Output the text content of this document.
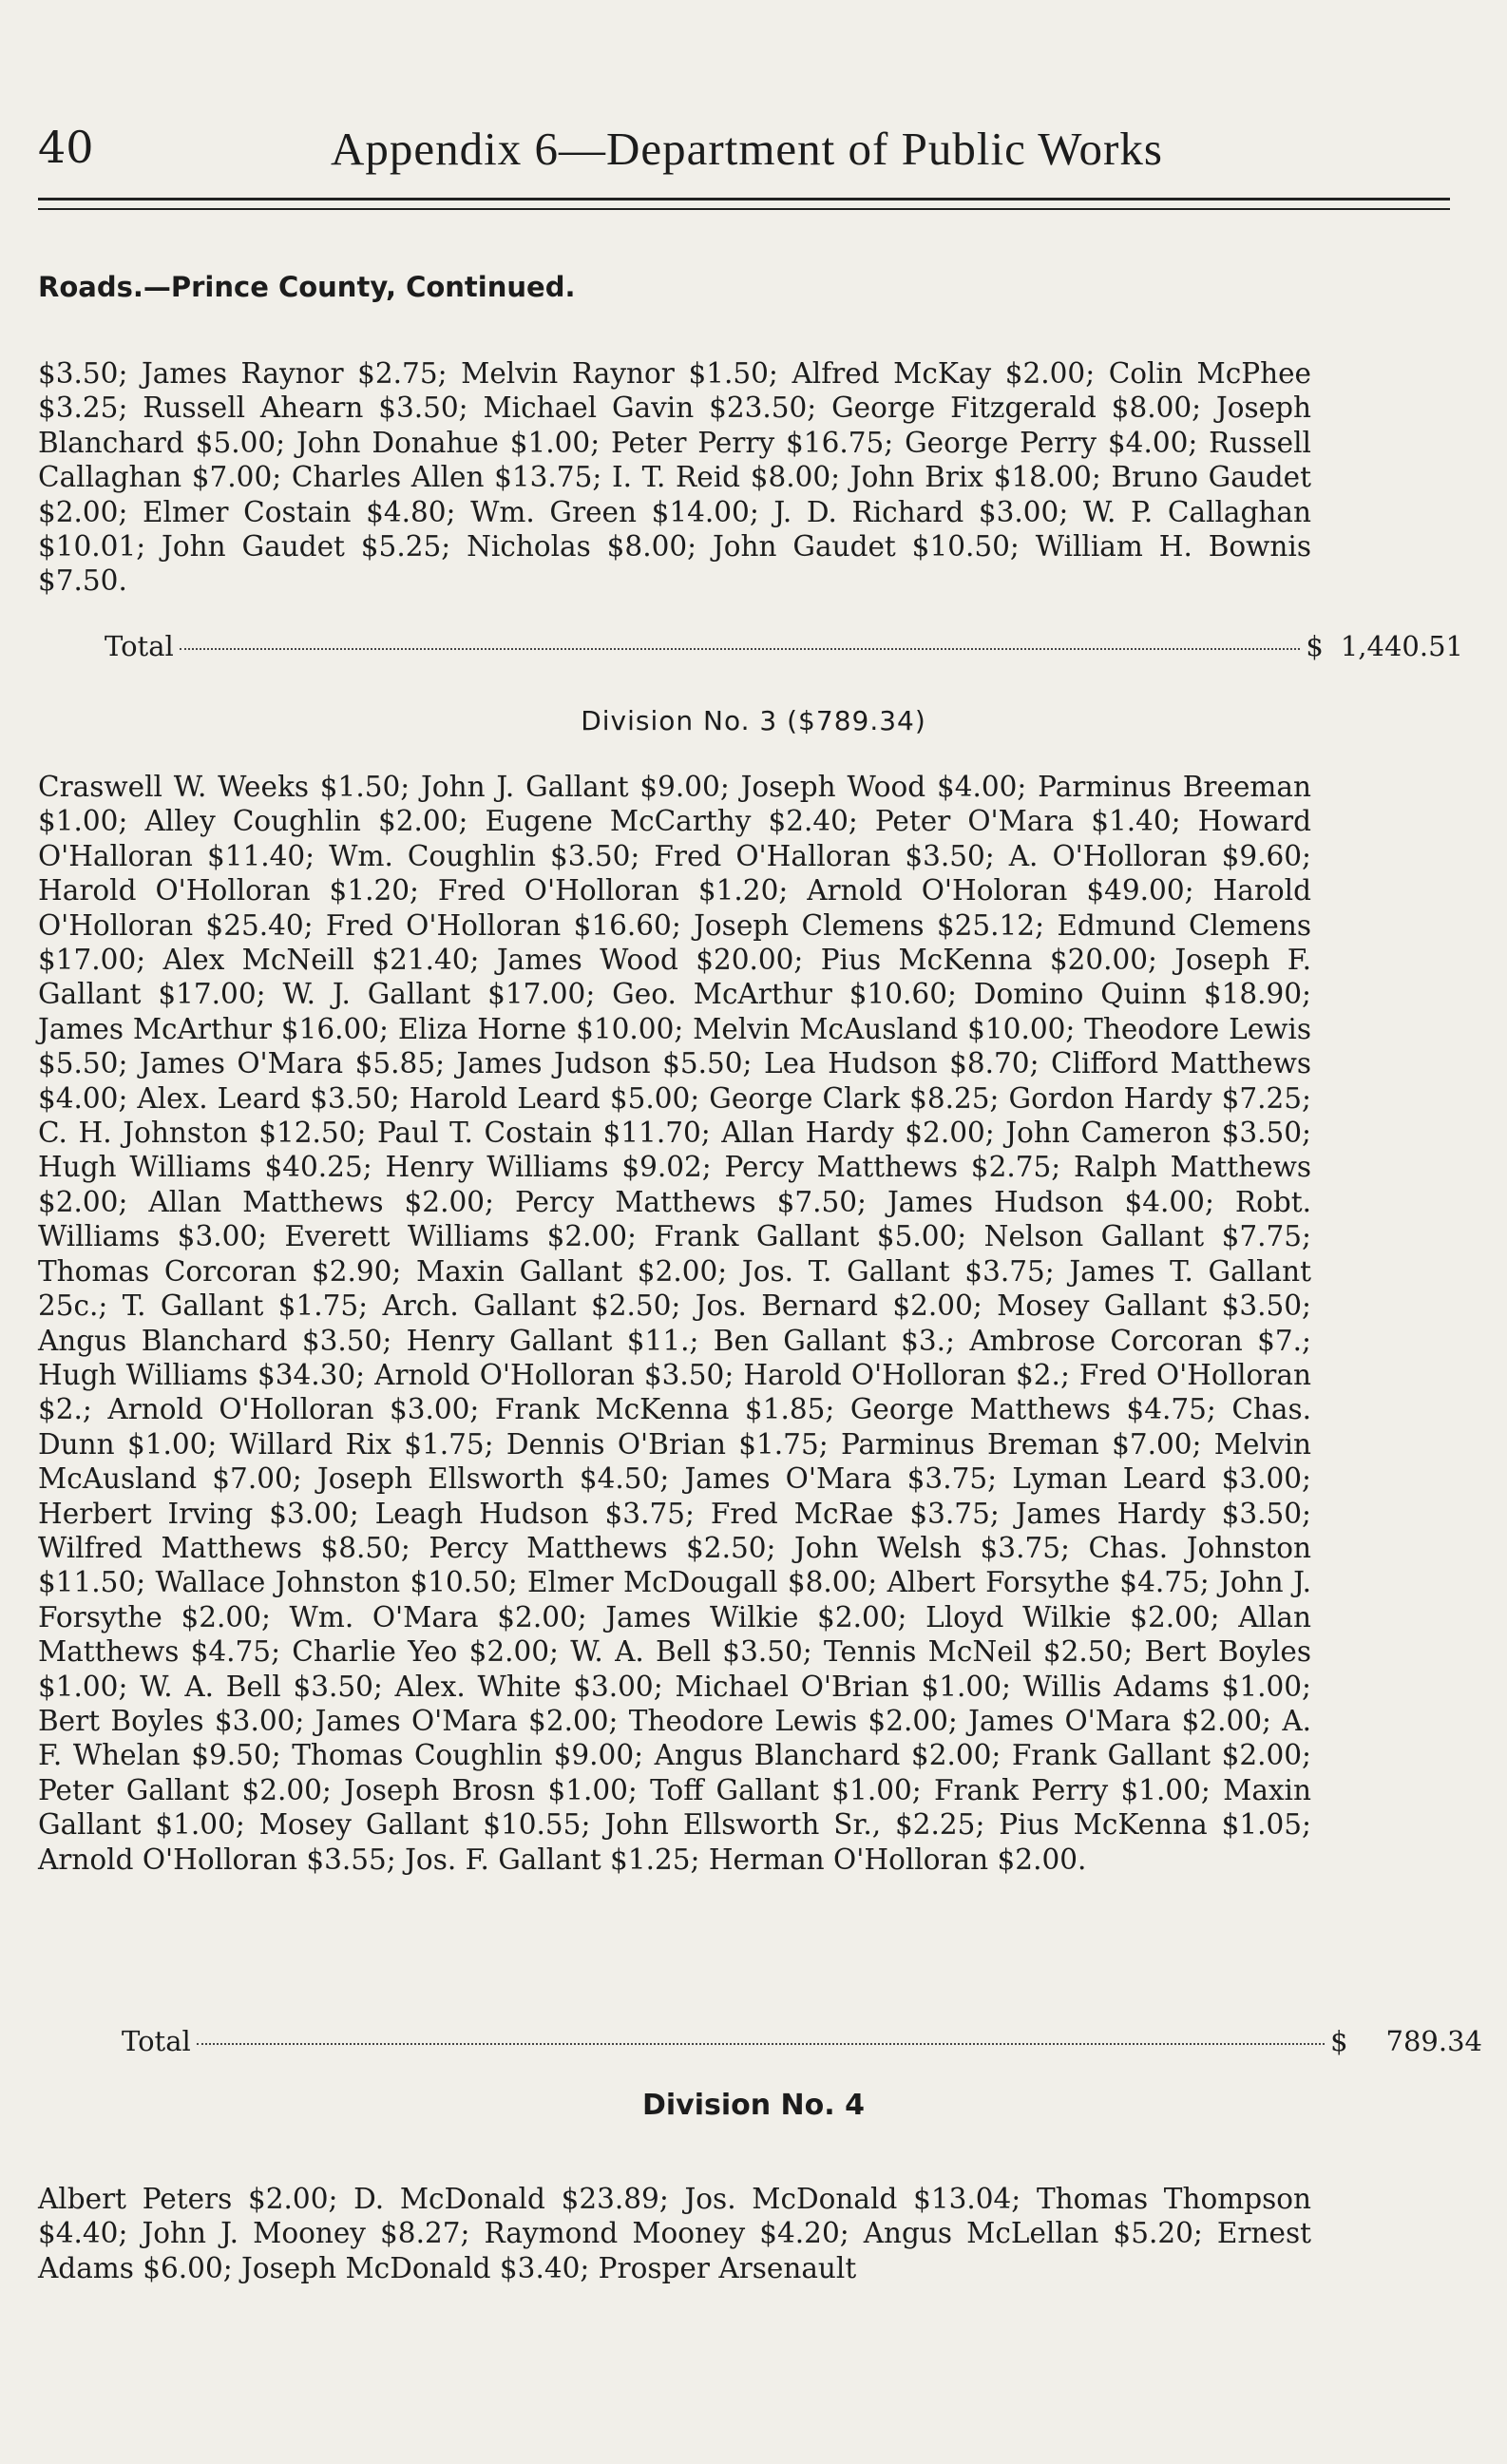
40	Appendix 6—Department of Public Works
Roads.—Prince County, Continued.
$3.50; James Raynor $2.75; Melvin Raynor $1.50; Alfred McKay $2.00; Colin McPhee $3.25; Russell Ahearn $3.50; Michael Gavin $23.50; George Fitzgerald $8.00; Joseph Blanchard $5.00; John Donahue $1.00; Peter Perry $16.75; George Perry $4.00; Russell Callaghan $7.00; Charles Allen $13.75; I. T. Reid $8.00; John Brix $18.00; Bruno Gaudet $2.00; Elmer Costain $4.80; Wm. Green $14.00; J. D. Richard $3.00; W. P. Callaghan $10.01; John Gaudet $5.25; Nicholas $8.00; John Gaudet $10.50; William H. Bownis $7.50.
Total	$ 1,440.51
Division No. 3 ($789.34)
Craswell W. Weeks $1.50; John J. Gallant $9.00; Joseph Wood $4.00; Parminus Breeman $1.00; Alley Coughlin $2.00; Eugene McCarthy $2.40; Peter O'Mara $1.40; Howard O'Halloran $11.40; Wm. Coughlin $3.50; Fred O'Halloran $3.50; A. O'Holloran $9.60; Harold O'Holloran $1.20; Fred O'Holloran $1.20; Arnold O'Holoran $49.00; Harold O'Holloran $25.40; Fred O'Holloran $16.60; Joseph Clemens $25.12; Edmund Clemens $17.00; Alex McNeill $21.40; James Wood $20.00; Pius McKenna $20.00; Joseph F. Gallant $17.00; W. J. Gallant $17.00; Geo. McArthur $10.60; Domino Quinn $18.90; James McArthur $16.00; Eliza Horne $10.00; Melvin McAusland $10.00; Theodore Lewis $5.50; James O'Mara $5.85; James Judson $5.50; Lea Hudson $8.70; Clifford Matthews $4.00; Alex. Leard $3.50; Harold Leard $5.00; George Clark $8.25; Gordon Hardy $7.25; C. H. Johnston $12.50; Paul T. Costain $11.70; Allan Hardy $2.00; John Cameron $3.50; Hugh Williams $40.25; Henry Williams $9.02; Percy Matthews $2.75; Ralph Matthews $2.00; Allan Matthews $2.00; Percy Matthews $7.50; James Hudson $4.00; Robt. Williams $3.00; Everett Williams $2.00; Frank Gallant $5.00; Nelson Gallant $7.75; Thomas Corcoran $2.90; Maxin Gallant $2.00; Jos. T. Gallant $3.75; James T. Gallant 25c.; T. Gallant $1.75; Arch. Gallant $2.50; Jos. Bernard $2.00; Mosey Gallant $3.50; Angus Blanchard $3.50; Henry Gallant $11.; Ben Gallant $3.; Ambrose Corcoran $7.; Hugh Williams $34.30; Arnold O'Holloran $3.50; Harold O'Holloran $2.; Fred O'Holloran $2.; Arnold O'Holloran $3.00; Frank McKenna $1.85; George Matthews $4.75; Chas. Dunn $1.00; Willard Rix $1.75; Dennis O'Brian $1.75; Parminus Breman $7.00; Melvin McAusland $7.00; Joseph Ellsworth $4.50; James O'Mara $3.75; Lyman Leard $3.00; Herbert Irving $3.00; Leagh Hudson $3.75; Fred McRae $3.75; James Hardy $3.50; Wilfred Matthews $8.50; Percy Matthews $2.50; John Welsh $3.75; Chas. Johnston $11.50; Wallace Johnston $10.50; Elmer McDougall $8.00; Albert Forsythe $4.75; John J. Forsythe $2.00; Wm. O'Mara $2.00; James Wilkie $2.00; Lloyd Wilkie $2.00; Allan Matthews $4.75; Charlie Yeo $2.00; W. A. Bell $3.50; Tennis McNeil $2.50; Bert Boyles $1.00; W. A. Bell $3.50; Alex. White $3.00; Michael O'Brian $1.00; Willis Adams $1.00; Bert Boyles $3.00; James O'Mara $2.00; Theodore Lewis $2.00; James O'Mara $2.00; A. F. Whelan $9.50; Thomas Coughlin $9.00; Angus Blanchard $2.00; Frank Gallant $2.00; Peter Gallant $2.00; Joseph Brosn $1.00; Toff Gallant $1.00; Frank Perry $1.00; Maxin Gallant $1.00; Mosey Gallant $10.55; John Ellsworth Sr., $2.25; Pius McKenna $1.05; Arnold O'Holloran $3.55; Jos. F. Gallant $1.25; Herman O'Holloran $2.00.
Total	$ 789.34
Division No. 4
Albert Peters $2.00; D. McDonald $23.89; Jos. McDonald $13.04; Thomas Thompson $4.40; John J. Mooney $8.27; Raymond Mooney $4.20; Angus McLellan $5.20; Ernest Adams $6.00; Joseph McDonald $3.40; Prosper Arsenault
